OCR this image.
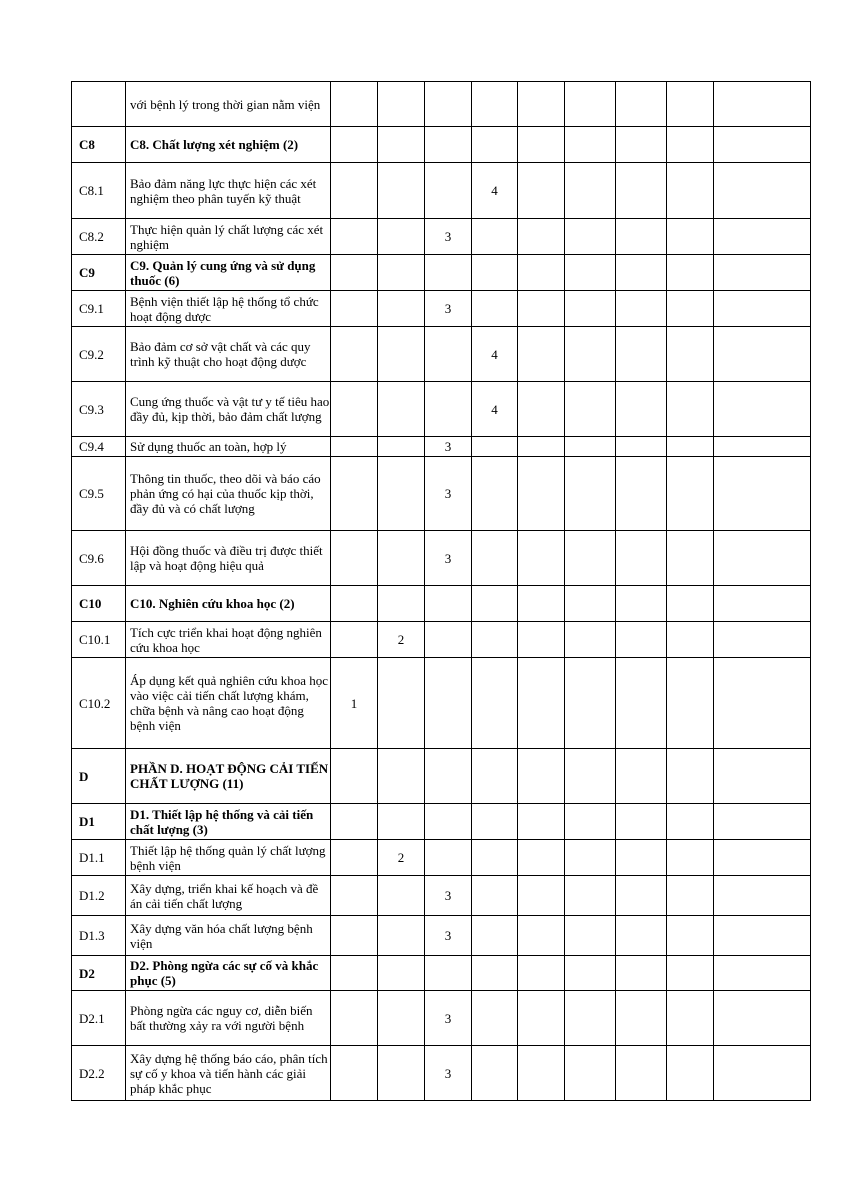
	với bệnh lý trong thời gian nằm viện									
C8	C8. Chất lượng xét nghiệm (2)									
C8.1	Bảo đảm năng lực thực hiện các xét nghiệm theo phân tuyến kỹ thuật				4					
C8.2	Thực hiện quản lý chất lượng các xét nghiệm			3						
C9	C9. Quản lý cung ứng và sử dụng thuốc (6)									
C9.1	Bệnh viện thiết lập hệ thống tổ chức hoạt động dược			3						
C9.2	Bảo đảm cơ sở vật chất và các quy trình kỹ thuật cho hoạt động dược				4					
C9.3	Cung ứng thuốc và vật tư y tế tiêu hao đầy đủ, kịp thời, bảo đảm chất lượng				4					
C9.4	Sử dụng thuốc an toàn, hợp lý			3						
C9.5	Thông tin thuốc, theo dõi và báo cáo phản ứng có hại của thuốc kịp thời, đầy đủ và có chất lượng			3						
C9.6	Hội đồng thuốc và điều trị được thiết lập và hoạt động hiệu quả			3						
C10	C10. Nghiên cứu khoa học (2)									
C10.1	Tích cực triển khai hoạt động nghiên cứu khoa học		2							
C10.2	Áp dụng kết quả nghiên cứu khoa học vào việc cải tiến chất lượng khám, chữa bệnh và nâng cao hoạt động bệnh viện	1								
D	PHẦN D. HOẠT ĐỘNG CẢI TIẾN CHẤT LƯỢNG (11)									
D1	D1. Thiết lập hệ thống và cải tiến chất lượng (3)									
D1.1	Thiết lập hệ thống quản lý chất lượng bệnh viện		2							
D1.2	Xây dựng, triển khai kế hoạch và đề án cải tiến chất lượng			3						
D1.3	Xây dựng văn hóa chất lượng bệnh viện			3						
D2	D2. Phòng ngừa các sự cố và khắc phục (5)									
D2.1	Phòng ngừa các nguy cơ, diễn biến bất thường xảy ra với người bệnh			3						
D2.2	Xây dựng hệ thống báo cáo, phân tích sự cố y khoa và tiến hành các giải pháp khắc phục			3						
